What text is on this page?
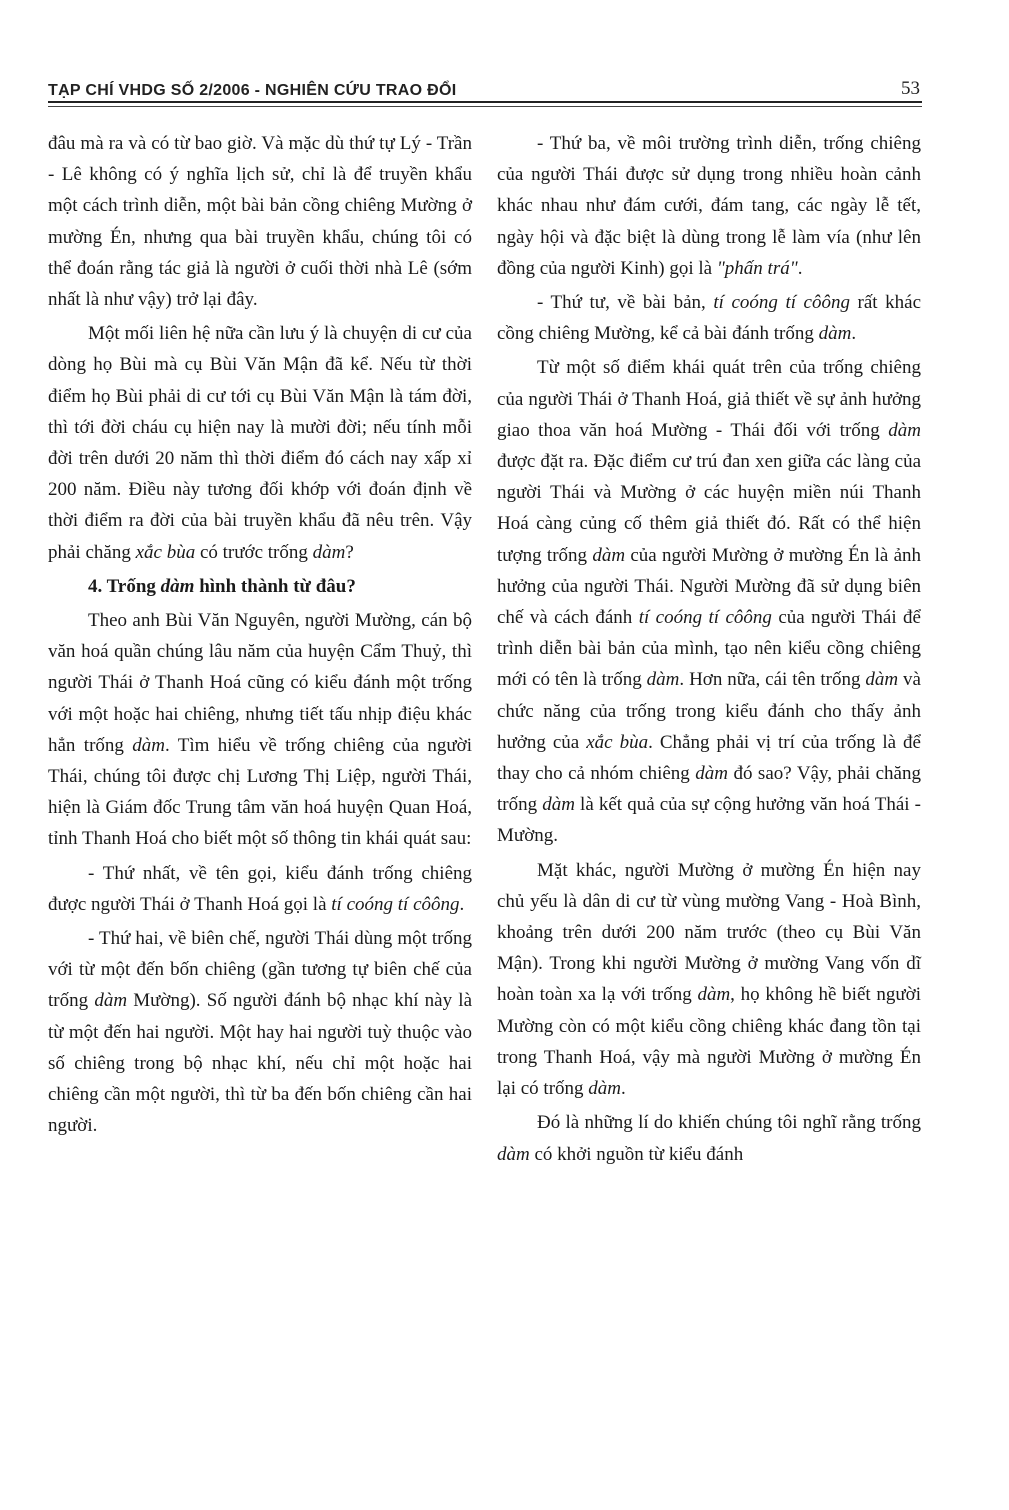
TẠP CHÍ VHDG SỐ 2/2006 - NGHIÊN CỨU TRAO ĐỔI	53

đâu mà ra và có từ bao giờ. Và mặc dù thứ tự Lý - Trần - Lê không có ý nghĩa lịch sử, chỉ là để truyền khẩu một cách trình diễn, một bài bản cồng chiêng Mường ở mường Én, nhưng qua bài truyền khẩu, chúng tôi có thể đoán rằng tác giả là người ở cuối thời nhà Lê (sớm nhất là như vậy) trở lại đây.

Một mối liên hệ nữa cần lưu ý là chuyện di cư của dòng họ Bùi mà cụ Bùi Văn Mận đã kể. Nếu từ thời điểm họ Bùi phải di cư tới cụ Bùi Văn Mận là tám đời, thì tới đời cháu cụ hiện nay là mười đời; nếu tính mỗi đời trên dưới 20 năm thì thời điểm đó cách nay xấp xỉ 200 năm. Điều này tương đối khớp với đoán định về thời điểm ra đời của bài truyền khẩu đã nêu trên. Vậy phải chăng xắc bùa có trước trống dàm?

4. Trống dàm hình thành từ đâu?

Theo anh Bùi Văn Nguyên, người Mường, cán bộ văn hoá quần chúng lâu năm của huyện Cẩm Thuỷ, thì người Thái ở Thanh Hoá cũng có kiểu đánh một trống với một hoặc hai chiêng, nhưng tiết tấu nhịp điệu khác hẳn trống dàm. Tìm hiểu về trống chiêng của người Thái, chúng tôi được chị Lương Thị Liệp, người Thái, hiện là Giám đốc Trung tâm văn hoá huyện Quan Hoá, tỉnh Thanh Hoá cho biết một số thông tin khái quát sau:

- Thứ nhất, về tên gọi, kiểu đánh trống chiêng được người Thái ở Thanh Hoá gọi là tí coóng tí côông.

- Thứ hai, về biên chế, người Thái dùng một trống với từ một đến bốn chiêng (gần tương tự biên chế của trống dàm Mường). Số người đánh bộ nhạc khí này là từ một đến hai người. Một hay hai người tuỳ thuộc vào số chiêng trong bộ nhạc khí, nếu chỉ một hoặc hai chiêng cần một người, thì từ ba đến bốn chiêng cần hai người.

- Thứ ba, về môi trường trình diễn, trống chiêng của người Thái được sử dụng trong nhiều hoàn cảnh khác nhau như đám cưới, đám tang, các ngày lễ tết, ngày hội và đặc biệt là dùng trong lễ làm vía (như lên đồng của người Kinh) gọi là "phấn trá".

- Thứ tư, về bài bản, tí coóng tí côông rất khác cồng chiêng Mường, kể cả bài đánh trống dàm.

Từ một số điểm khái quát trên của trống chiêng của người Thái ở Thanh Hoá, giả thiết về sự ảnh hưởng giao thoa văn hoá Mường - Thái đối với trống dàm được đặt ra. Đặc điểm cư trú đan xen giữa các làng của người Thái và Mường ở các huyện miền núi Thanh Hoá càng củng cố thêm giả thiết đó. Rất có thể hiện tượng trống dàm của người Mường ở mường Én là ảnh hưởng của người Thái. Người Mường đã sử dụng biên chế và cách đánh tí coóng tí côông của người Thái để trình diễn bài bản của mình, tạo nên kiểu cồng chiêng mới có tên là trống dàm. Hơn nữa, cái tên trống dàm và chức năng của trống trong kiểu đánh cho thấy ảnh hưởng của xắc bùa. Chẳng phải vị trí của trống là để thay cho cả nhóm chiêng dàm đó sao? Vậy, phải chăng trống dàm là kết quả của sự cộng hưởng văn hoá Thái - Mường.

Mặt khác, người Mường ở mường Én hiện nay chủ yếu là dân di cư từ vùng mường Vang - Hoà Bình, khoảng trên dưới 200 năm trước (theo cụ Bùi Văn Mận). Trong khi người Mường ở mường Vang vốn dĩ hoàn toàn xa lạ với trống dàm, họ không hề biết người Mường còn có một kiểu cồng chiêng khác đang tồn tại trong Thanh Hoá, vậy mà người Mường ở mường Én lại có trống dàm.

Đó là những lí do khiến chúng tôi nghĩ rằng trống dàm có khởi nguồn từ kiểu đánh
